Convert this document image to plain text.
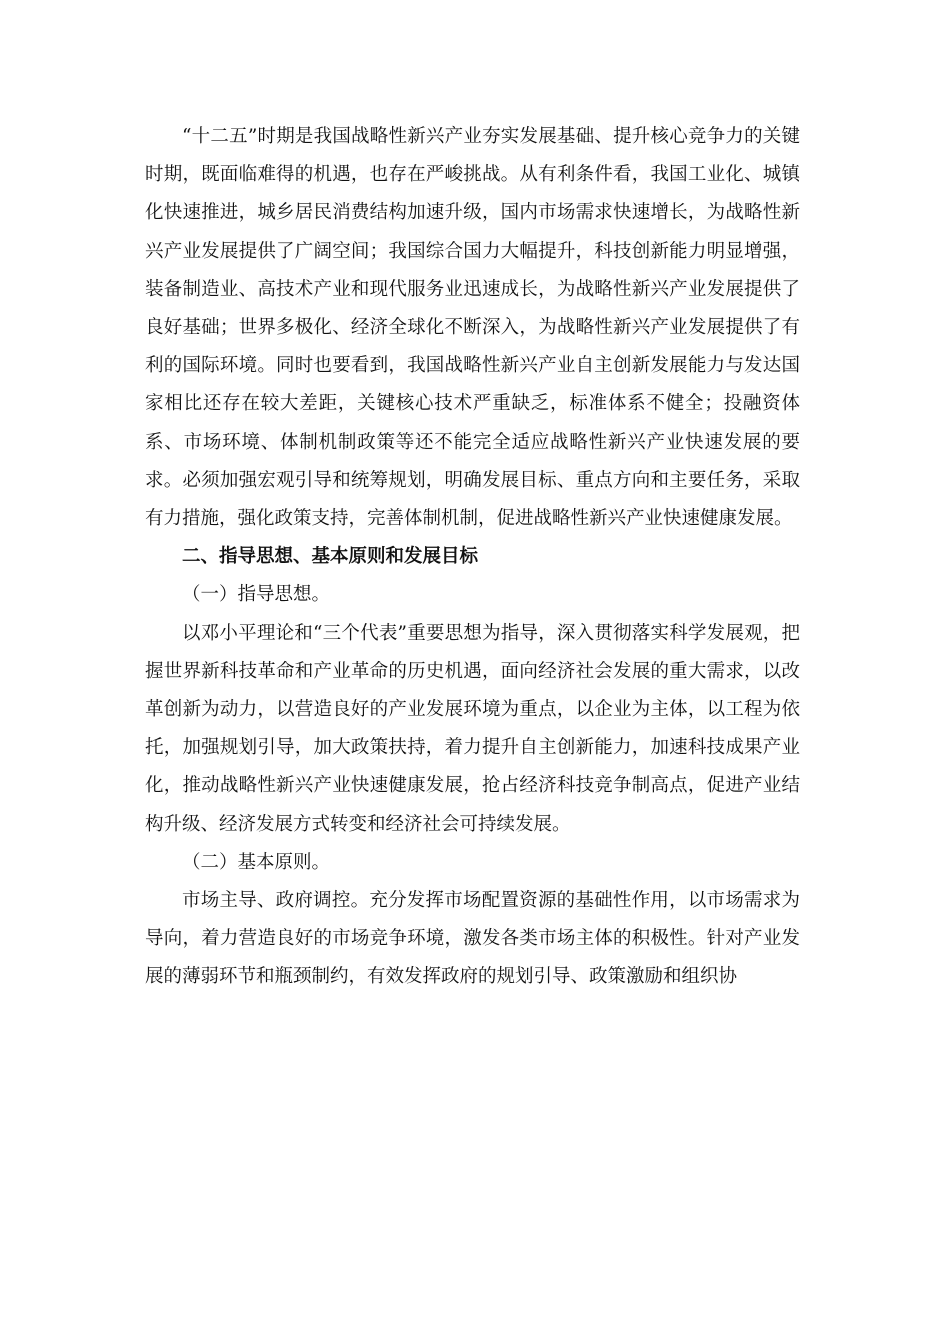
“十二五”时期是我国战略性新兴产业夯实发展基础、提升核心竞争力的关键时期，既面临难得的机遇，也存在严峻挑战。从有利条件看，我国工业化、城镇化快速推进，城乡居民消费结构加速升级，国内市场需求快速增长，为战略性新兴产业发展提供了广阔空间；我国综合国力大幅提升，科技创新能力明显增强，装备制造业、高技术产业和现代服务业迅速成长，为战略性新兴产业发展提供了良好基础；世界多极化、经济全球化不断深入，为战略性新兴产业发展提供了有利的国际环境。同时也要看到，我国战略性新兴产业自主创新发展能力与发达国家相比还存在较大差距，关键核心技术严重缺乏，标准体系不健全；投融资体系、市场环境、体制机制政策等还不能完全适应战略性新兴产业快速发展的要求。必须加强宏观引导和统筹规划，明确发展目标、重点方向和主要任务，采取有力措施，强化政策支持，完善体制机制，促进战略性新兴产业快速健康发展。

二、指导思想、基本原则和发展目标

（一）指导思想。

以邓小平理论和“三个代表”重要思想为指导，深入贯彻落实科学发展观，把握世界新科技革命和产业革命的历史机遇，面向经济社会发展的重大需求，以改革创新为动力，以营造良好的产业发展环境为重点，以企业为主体，以工程为依托，加强规划引导，加大政策扶持，着力提升自主创新能力，加速科技成果产业化，推动战略性新兴产业快速健康发展，抢占经济科技竞争制高点，促进产业结构升级、经济发展方式转变和经济社会可持续发展。

（二）基本原则。

市场主导、政府调控。充分发挥市场配置资源的基础性作用，以市场需求为导向，着力营造良好的市场竞争环境，激发各类市场主体的积极性。针对产业发展的薄弱环节和瓶颈制约，有效发挥政府的规划引导、政策激励和组织协
